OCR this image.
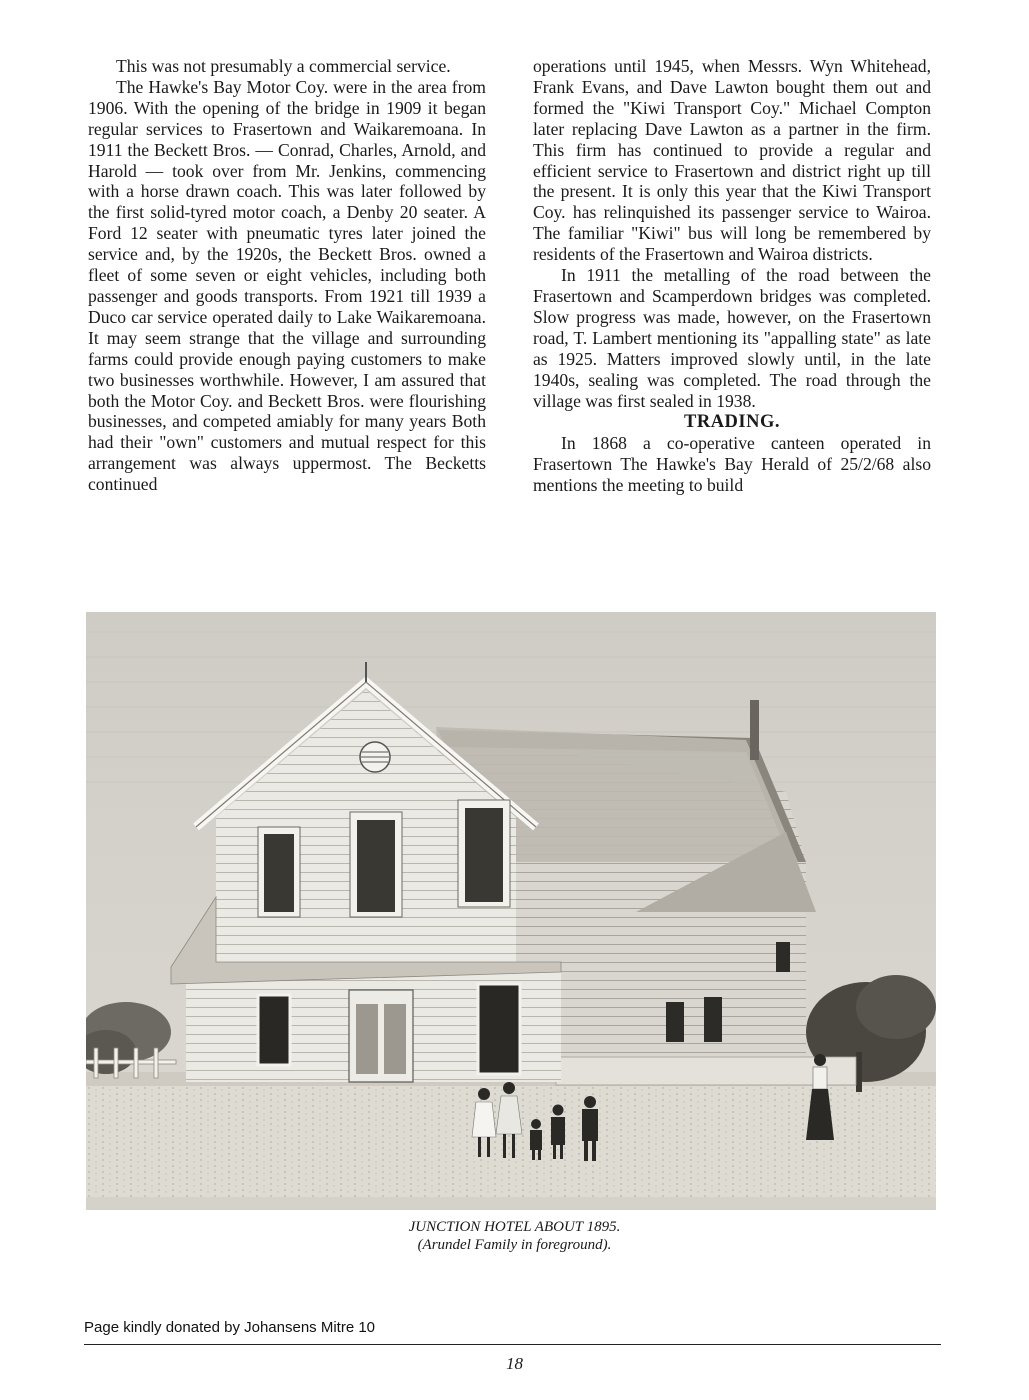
This was not presumably a commercial service.

The Hawke's Bay Motor Coy. were in the area from 1906. With the opening of the bridge in 1909 it began regular services to Frasertown and Waikaremoana. In 1911 the Beckett Bros. — Conrad, Charles, Arnold, and Harold — took over from Mr. Jenkins, commencing with a horse drawn coach. This was later followed by the first solid-tyred motor coach, a Denby 20 seater. A Ford 12 seater with pneumatic tyres later joined the service and, by the 1920s, the Beckett Bros. owned a fleet of some seven or eight vehicles, including both passenger and goods transports. From 1921 till 1939 a Duco car service operated daily to Lake Waikaremoana. It may seem strange that the village and surrounding farms could provide enough paying customers to make two businesses worthwhile. However, I am assured that both the Motor Coy. and Beckett Bros. were flourishing businesses, and competed amiably for many years Both had their "own" customers and mutual respect for this arrangement was always uppermost. The Becketts continued

operations until 1945, when Messrs. Wyn Whitehead, Frank Evans, and Dave Lawton bought them out and formed the "Kiwi Transport Coy." Michael Compton later replacing Dave Lawton as a partner in the firm. This firm has continued to provide a regular and efficient service to Frasertown and district right up till the present. It is only this year that the Kiwi Transport Coy. has relinquished its passenger service to Wairoa. The familiar "Kiwi" bus will long be remembered by residents of the Frasertown and Wairoa districts.

In 1911 the metalling of the road between the Frasertown and Scamperdown bridges was completed. Slow progress was made, however, on the Frasertown road, T. Lambert mentioning its "appalling state" as late as 1925. Matters improved slowly until, in the late 1940s, sealing was completed. The road through the village was first sealed in 1938.

TRADING.

In 1868 a co-operative canteen operated in Frasertown The Hawke's Bay Herald of 25/2/68 also mentions the meeting to build

JUNCTION HOTEL ABOUT 1895.
(Arundel Family in foreground).
Page kindly donated by Johansens Mitre 10
18
